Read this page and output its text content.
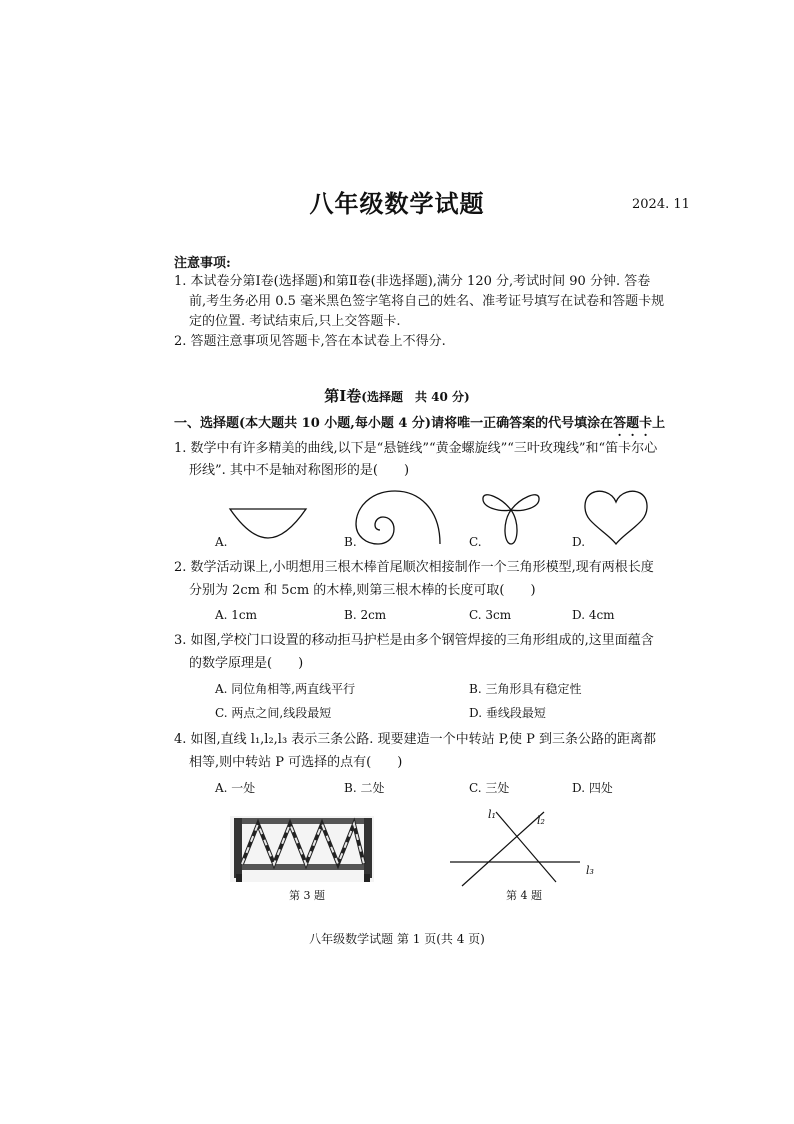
八年级数学试题	2024. 11
注意事项:
1. 本试卷分第Ⅰ卷(选择题)和第Ⅱ卷(非选择题),满分 120 分,考试时间 90 分钟. 答卷
前,考生务必用 0.5 毫米黑色签字笔将自己的姓名、准考证号填写在试卷和答题卡规
定的位置. 考试结束后,只上交答题卡.
2. 答题注意事项见答题卡,答在本试卷上不得分.
第Ⅰ卷(选择题　共 40 分)
一、选择题(本大题共 10 小题,每小题 4 分)请将唯一正确答案的代号填涂在答题卡上
1. 数学中有许多精美的曲线,以下是“悬链线”“黄金螺旋线”“三叶玫瑰线”和“笛卡尔心
形线”. 其中不是轴对称图形的是(　　)
A.	B.	C.	D.
2. 数学活动课上,小明想用三根木棒首尾顺次相接制作一个三角形模型,现有两根长度
分别为 2cm 和 5cm 的木棒,则第三根木棒的长度可取(　　)
A. 1cm	B. 2cm	C. 3cm	D. 4cm
3. 如图,学校门口设置的移动拒马护栏是由多个钢管焊接的三角形组成的,这里面蕴含
的数学原理是(　　)
A. 同位角相等,两直线平行	B. 三角形具有稳定性
C. 两点之间,线段最短	D. 垂线段最短
4. 如图,直线 l₁,l₂,l₃ 表示三条公路. 现要建造一个中转站 P,使 P 到三条公路的距离都
相等,则中转站 P 可选择的点有(　　)
A. 一处	B. 二处	C. 三处	D. 四处
第 3 题
l₁	l₂
l₃
第 4 题
八年级数学试题 第 1 页(共 4 页)
